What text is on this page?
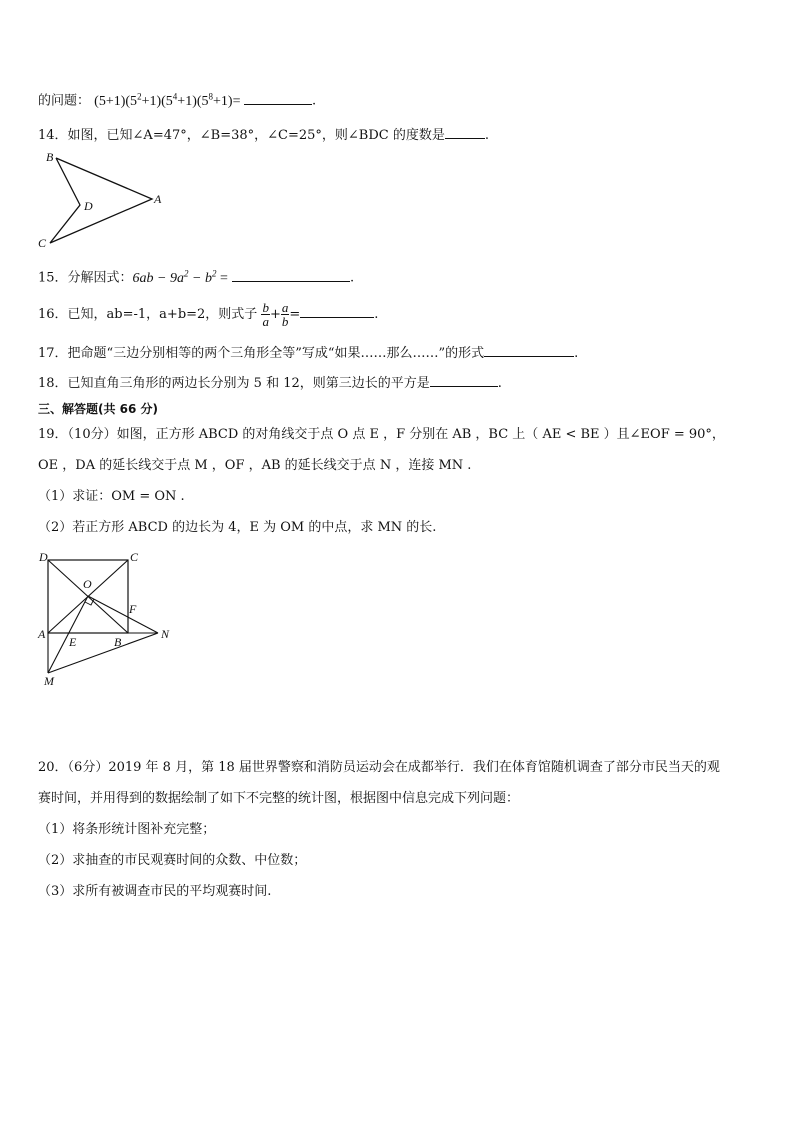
的问题： $(5+1)(5^2+1)(5^4+1)(5^8+1)=$	.
14．如图，已知∠A=47°，∠B=38°，∠C=25°，则∠BDC 的度数是	.
B
D	A
C
15．分解因式：$6ab - 9a^2 - b^2$ =	.
16．已知，ab=-1，a+b=2，则式子 $\frac{b}{a} + \frac{a}{b}$ =	.
17．把命题“三边分别相等的两个三角形全等”写成“如果……那么……”的形式	.
18．已知直角三角形的两边长分别为 5 和 12，则第三边长的平方是	.
三、解答题(共 66 分)
19．（10分）如图，正方形 ABCD 的对角线交于点 O 点 E ，F 分别在 AB ，BC 上（ AE < BE ）且∠EOF = 90°，
OE ，DA 的延长线交于点 M ，OF ，AB 的延长线交于点 N ，连接 MN .
（1）求证：OM = ON .
（2）若正方形 ABCD 的边长为 4，E 为 OM 的中点，求 MN 的长.
D	C
O
F
A
E	B
N
M
20．（6分）2019 年 8 月，第 18 届世界警察和消防员运动会在成都举行．我们在体育馆随机调查了部分市民当天的观
赛时间，并用得到的数据绘制了如下不完整的统计图，根据图中信息完成下列问题：
（1）将条形统计图补充完整；
（2）求抽查的市民观赛时间的众数、中位数；
（3）求所有被调查市民的平均观赛时间.
